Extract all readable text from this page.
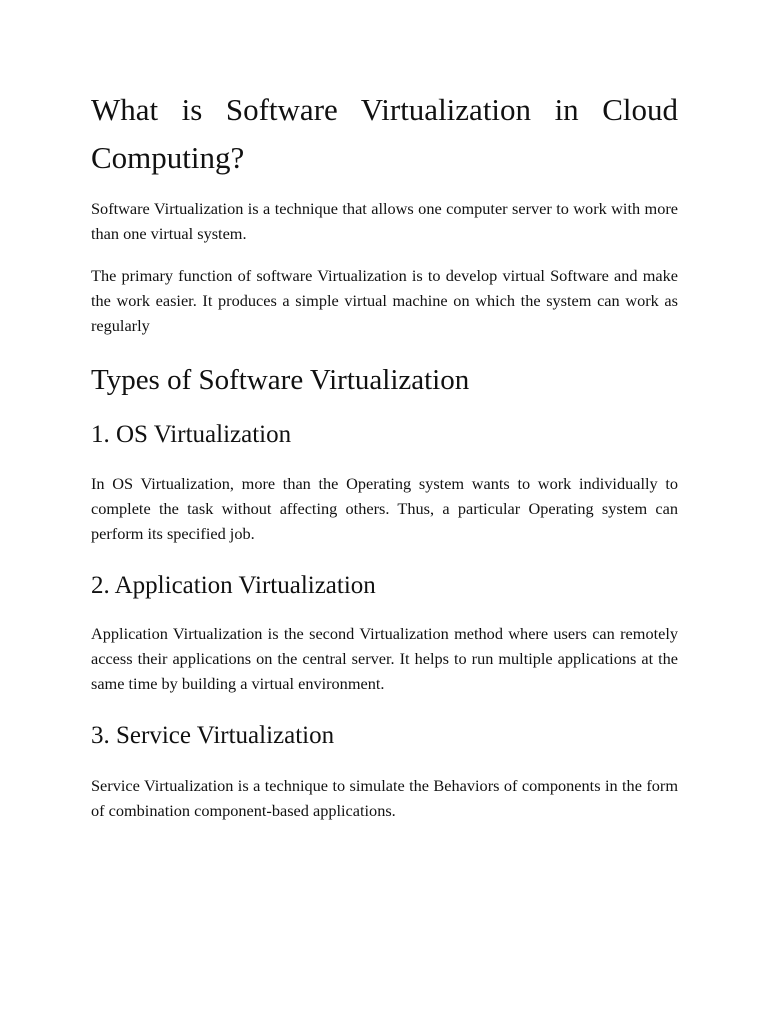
What is Software Virtualization in Cloud Computing?

Software Virtualization is a technique that allows one computer server to work with more than one virtual system.

The primary function of software Virtualization is to develop virtual Software and make the work easier. It produces a simple virtual machine on which the system can work as regularly

Types of Software Virtualization
1. OS Virtualization

In OS Virtualization, more than the Operating system wants to work individually to complete the task without affecting others. Thus, a particular Operating system can perform its specified job.

2. Application Virtualization

Application Virtualization is the second Virtualization method where users can remotely access their applications on the central server. It helps to run multiple applications at the same time by building a virtual environment.

3. Service Virtualization

Service Virtualization is a technique to simulate the Behaviors of components in the form of combination component-based applications.
